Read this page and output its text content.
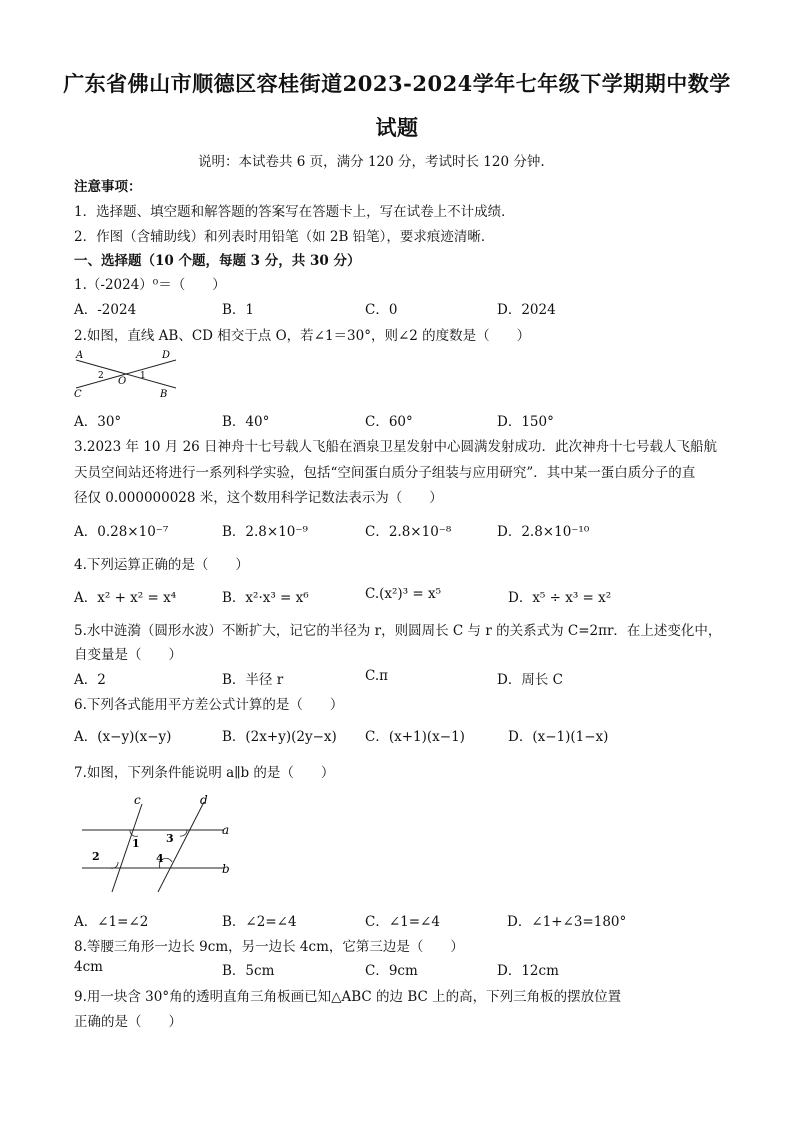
广东省佛山市顺德区容桂街道2023-2024学年七年级下学期期中数学
试题
说明：本试卷共 6 页，满分 120 分，考试时长 120 分钟.
注意事项：
1．选择题、填空题和解答题的答案写在答题卡上，写在试卷上不计成绩．
2．作图（含辅助线）和列表时用铅笔（如 2B 铅笔），要求痕迹清晰．
一、选择题（10 个题，每题 3 分，共 30 分）
1.（-2024）⁰＝（　　）
A．-2024	B．1	C．0	D．2024
2.如图，直线 AB、CD 相交于点 O，若∠1＝30°，则∠2 的度数是（　　）
A	D
C	B
O 1
2
A．30°	B．40°	C．60°	D．150°
3.2023 年 10 月 26 日神舟十七号载人飞船在酒泉卫星发射中心圆满发射成功．此次神舟十七号载人飞船航
天员空间站还将进行一系列科学实验，包括“空间蛋白质分子组装与应用研究”．其中某一蛋白质分子的直
径仅 0.000000028 米，这个数用科学记数法表示为（　　）
A．0.28×10⁻⁷	B．2.8×10⁻⁹	C．2.8×10⁻⁸	D．2.8×10⁻¹⁰
4.下列运算正确的是（　　）
A．x² + x² = x⁴	B．x²·x³ = x⁶	C.(x²)³ = x⁵	D．x⁵ ÷ x³ = x²
5.水中涟漪（圆形水波）不断扩大，记它的半径为 r，则圆周长 C 与 r 的关系式为 C=2πr．在上述变化中，
自变量是（　　）
A．2	B．半径 r	C.π	D．周长 C
6.下列各式能用平方差公式计算的是（　　）
A．(x−y)(x−y)	B．(2x+y)(2y−x) C．(x+1)(x−1)	D．(x−1)(1−x)
7.如图，下列条件能说明 a∥b 的是（　　）
c	d
a
b
1
2
3
4
A．∠1=∠2	B．∠2=∠4	C．∠1=∠4	D．∠1+∠3=180°
8.等腰三角形一边长 9cm，另一边长 4cm，它第三边是（　　）
4cm	B．5cm	C．9cm	D．12cm
9.用一块含 30°角的透明直角三角板画已知△ABC 的边 BC 上的高，下列三角板的摆放位置
正确的是（　　）
